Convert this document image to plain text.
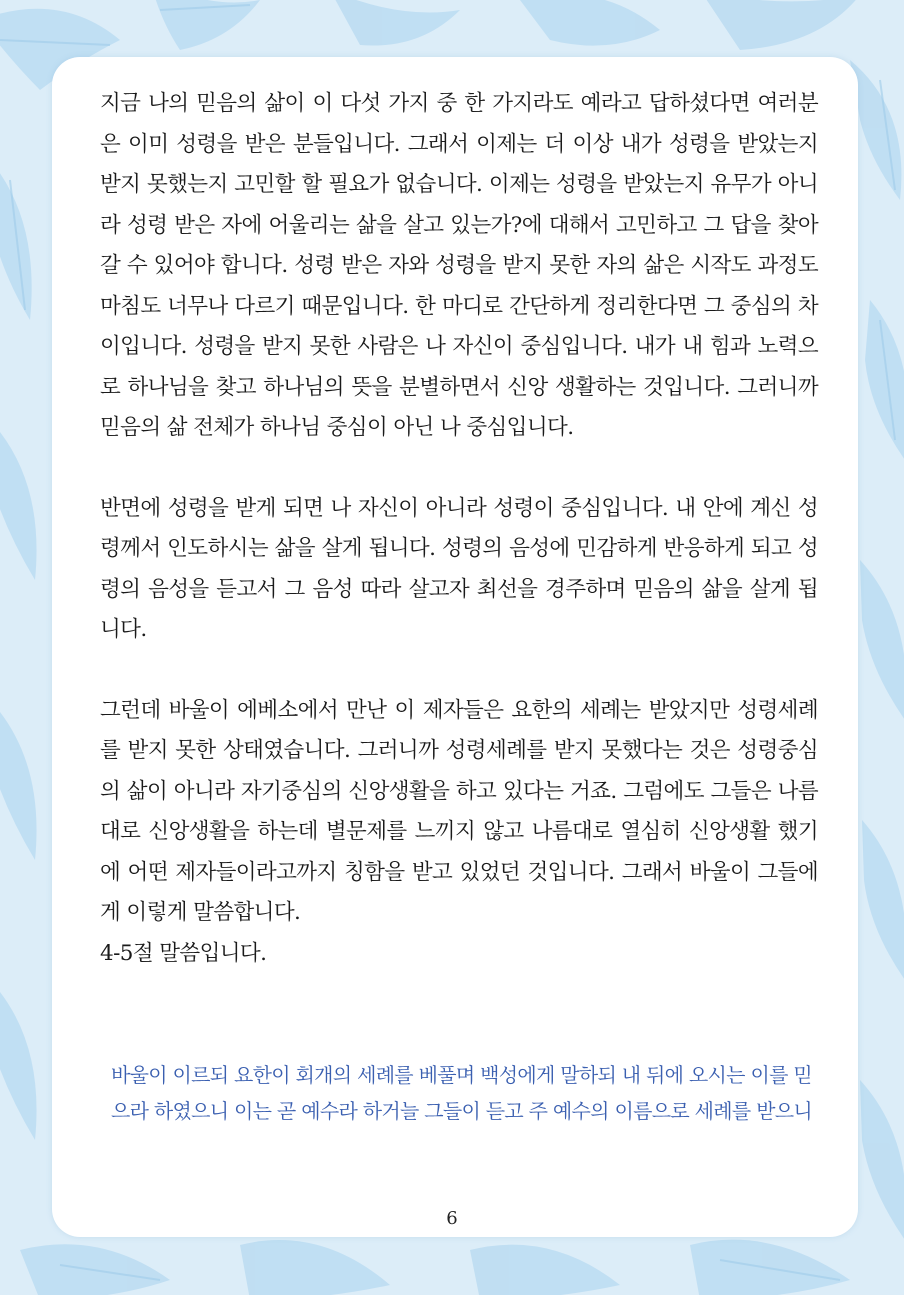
지금 나의 믿음의 삶이 이 다섯 가지 중 한 가지라도 예라고 답하셨다면 여러분은 이미 성령을 받은 분들입니다. 그래서 이제는 더 이상 내가 성령을 받았는지 받지 못했는지 고민할 할 필요가 없습니다. 이제는 성령을 받았는지 유무가 아니라 성령 받은 자에 어울리는 삶을 살고 있는가?에 대해서 고민하고 그 답을 찾아갈 수 있어야 합니다. 성령 받은 자와 성령을 받지 못한 자의 삶은 시작도 과정도 마침도 너무나 다르기 때문입니다. 한 마디로 간단하게 정리한다면 그 중심의 차이입니다. 성령을 받지 못한 사람은 나 자신이 중심입니다. 내가 내 힘과 노력으로 하나님을 찾고 하나님의 뜻을 분별하면서 신앙 생활하는 것입니다. 그러니까 믿음의 삶 전체가 하나님 중심이 아닌 나 중심입니다.

반면에 성령을 받게 되면 나 자신이 아니라 성령이 중심입니다. 내 안에 계신 성령께서 인도하시는 삶을 살게 됩니다. 성령의 음성에 민감하게 반응하게 되고 성령의 음성을 듣고서 그 음성 따라 살고자 최선을 경주하며 믿음의 삶을 살게 됩니다.

그런데 바울이 에베소에서 만난 이 제자들은 요한의 세례는 받았지만 성령세례를 받지 못한 상태였습니다. 그러니까 성령세례를 받지 못했다는 것은 성령중심의 삶이 아니라 자기중심의 신앙생활을 하고 있다는 거죠. 그럼에도 그들은 나름대로 신앙생활을 하는데 별문제를 느끼지 않고 나름대로 열심히 신앙생활 했기에 어떤 제자들이라고까지 칭함을 받고 있었던 것입니다. 그래서 바울이 그들에게 이렇게 말씀합니다.

4-5절 말씀입니다.

바울이 이르되 요한이 회개의 세례를 베풀며 백성에게 말하되 내 뒤에 오시는 이를 믿으라 하였으니 이는 곧 예수라 하거늘 그들이 듣고 주 예수의 이름으로 세례를 받으니

6
